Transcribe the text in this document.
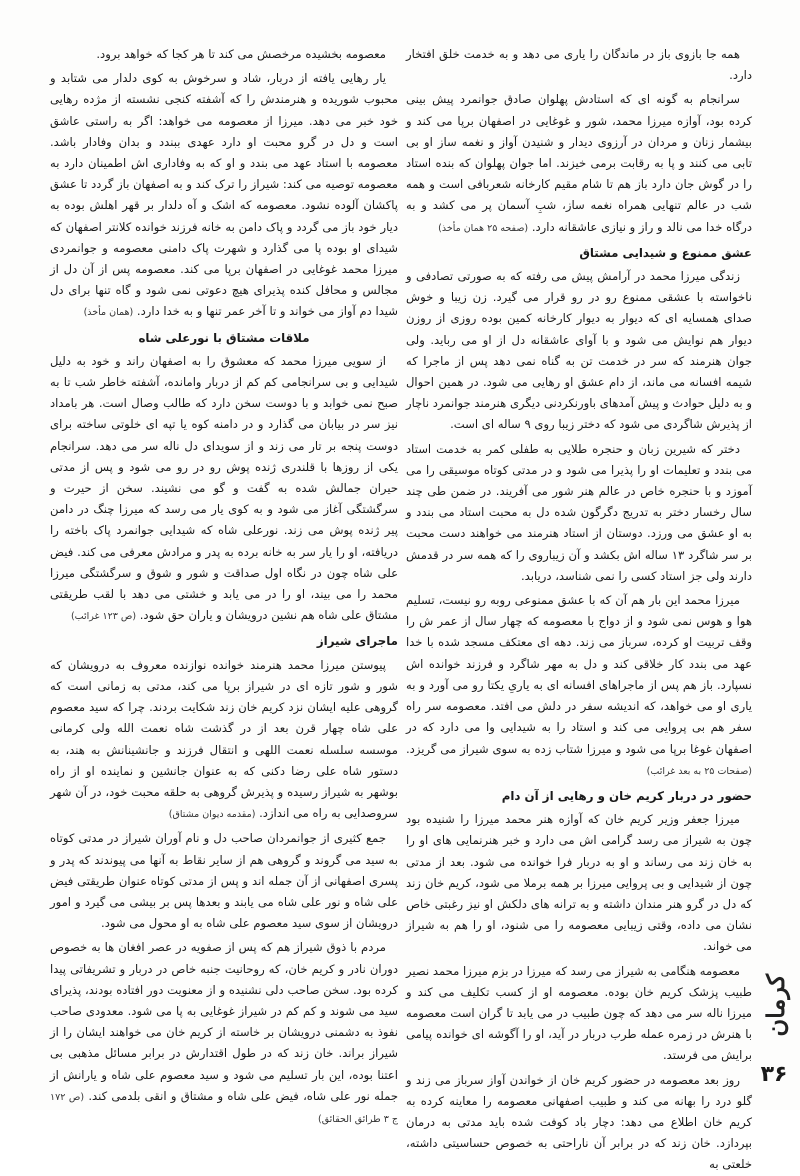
همه جا بازوی باز در ماندگان را یاری می دهد و به خدمت خلق افتخار دارد.

سرانجام به گونه ای که استادش پهلوان صادق جوانمرد پیش بینی کرده بود، آوازه میرزا محمد، شور و غوغایی در اصفهان برپا می کند و بیشمار زنان و مردان در آرزوی دیدار و شنیدن آواز و نغمه ساز او بی تابی می کنند و پا به رقابت برمی خیزند. اما جوان پهلوان که بنده استاد را در گوش جان دارد باز هم تا شام مقیم کارخانه شعربافی است و همه شب در عالم تنهایی همراه نغمه ساز، شبِ آسمان پر می کشد و به درگاه خدا می نالد و راز و نیازی عاشقانه دارد. (صفحه ۲۵ همان مأخذ)

عشق ممنوع و شیدایی مشتاق

زندگی میرزا محمد در آرامش پیش می رفته که به صورتی تصادفی و ناخواسته با عشقی ممنوع رو در رو قرار می گیرد. زن زیبا و خوش صدای همسایه ای که دیوار به دیوار کارخانه کمین بوده روزی از روزن دیوار هم نوایش می شود و با آوای عاشقانه دل از او می رباید. ولی جوان هنرمند که سر در خدمت تن به گناه نمی دهد پس از ماجرا که شیمه افسانه می ماند، از دام عشق او رهایی می شود. در همین احوال و به دلیل حوادث و پیش آمدهای باورنکردنی دیگری هنرمند جوانمرد ناچار از پذیرش شاگردی می شود که دختر زیبا روی ۹ ساله ای است.

دختر که شیرین زبان و حنجره طلایی به طفلی کمر به خدمت استاد می بندد و تعلیمات او را پذیرا می شود و در مدتی کوتاه موسیقی را می آموزد و با حنجره خاص در عالم هنر شور می آفریند. در ضمن طی چند سال رخسار دختر به تدریج دگرگون شده دل به محبت استاد می بندد و به او عشق می ورزد. دوستان از استاد هنرمند می خواهند دست محبت بر سر شاگرد ۱۳ ساله اش بکشد و آن زیباروی را که همه سر در قدمش دارند ولی جز استاد کسی را نمی شناسد، دریابد.

میرزا محمد این بار هم آن که با عشق ممنوعی روبه رو نیست، تسلیم هوا و هوس نمی شود و از دواج با معصومه که چهار سال از عمر ش را وقف تربیت او کرده، سرباز می زند. دهه ای معتکف مسجد شده با خدا عهد می بندد کار خلاقی کند و دل به مهر شاگرد و فرزند خوانده اش نسپارد. باز هم پس از ماجراهای افسانه ای به یاریِ یکتا رو می آورد و به یاری او می خواهد، که اندیشه سفر در دلش می افتد. معصومه سر راه سفر هم بی پروایی می کند و استاد را به شیدایی وا می دارد که در اصفهان غوغا برپا می شود و میرزا شتاب زده به سوی شیراز می گریزد. (صفحات ۲۵ به بعد غرائب)

حضور در دربار کریم خان و رهایی از آن دام

میرزا جعفر وزیر کریم خان که آوازه هنر محمد میرزا را شنیده بود چون به شیراز می رسد گرامی اش می دارد و خبر هنرنمایی های او را به خان زند می رساند و او به دربار فرا خوانده می شود. بعد از مدتی چون از شیدایی و بی پروایی میرزا بر همه برملا می شود، کریم خان زند که دل در گرو هنر مندان داشته و به ترانه های دلکش او نیز رغبتی خاص نشان می داده، وقتی زیبایی معصومه را می شنود، او را هم به شیراز می خواند.

معصومه هنگامی به شیراز می رسد که میرزا در بزم میرزا محمد نصیر طبیب پزشک کریم خان بوده. معصومه او از کسب تکلیف می کند و میرزا ناله سر می دهد که چون طبیب در می یابد تا گران است معصومه با هنرش در زمره عمله طرب دربار در آید، او را آگوشه ای خوانده پیامی برایش می فرستد.

روز بعد معصومه در حضور کریم خان از خواندن آواز سرباز می زند و گلو درد را بهانه می کند و طبیب اصفهانی معصومه را معاینه کرده به کریم خان اطلاع می دهد: دچار باد کوفت شده باید مدتی به درمان بپردازد. خان زند که در برابر آن ناراحتی به خصوص حساسیتی داشته، خلعتی به

معصومه بخشیده مرخصش می کند تا هر کجا که خواهد برود.

یار رهایی یافته از دربار، شاد و سرخوش به کوی دلدار می شتابد و محبوب شوریده و هنرمندش را که آشفته کنجی نشسته از مژده رهایی خود خبر می دهد. میرزا از معصومه می خواهد: اگر به راستی عاشق است و دل در گرو محبت او دارد عهدی ببندد و بدان وفادار باشد. معصومه با استاد عهد می بندد و او که به وفاداری اش اطمینان دارد به معصومه توصیه می کند: شیراز را ترک کند و به اصفهان باز گردد تا عشق پاکشان آلوده نشود. معصومه که اشک و آه دلدار بر قهر اهلش بوده به دیار خود باز می گردد و پاک دامن به خانه فرزند خوانده کلانتر اصفهان که شیدای او بوده پا می گذارد و شهرت پاک دامنی معصومه و جوانمردی میرزا محمد غوغایی در اصفهان برپا می کند. معصومه پس از آن دل از مجالس و محافل کنده پذیرای هیچ دعوتی نمی شود و گاه تنها برای دل شیدا دم آواز می خواند و تا آخر عمر تنها و به خدا دارد. (همان مأخذ)

ملاقات مشتاق با نورعلی شاه

از سویی میرزا محمد که معشوق را به اصفهان راند و خود به دلیل شیدایی و بی سرانجامی کم کم از دربار وامانده، آشفته خاطر شب تا به صبح نمی خوابد و با دوست سخن دارد که طالب وصال است. هر بامداد نیز سر در بیابان می گذارد و در دامنه کوه یا تپه ای خلوتی ساخته برای دوست پنجه بر تار می زند و از سویدای دل ناله سر می دهد. سرانجام یکی از روزها با قلندری ژنده پوش رو در رو می شود و پس از مدتی حیران جمالش شده به گفت و گو می نشیند. سخن از حیرت و سرگشتگی آغاز می شود و به کوی یار می رسد که میرزا چنگ در دامن پیر ژنده پوش می زند. نورعلی شاه که شیدایی جوانمرد پاک باخته را دریافته، او را یار سر به خانه برده به پدر و مرادش معرفی می کند. فیض علی شاه چون در نگاه اول صداقت و شور و شوق و سرگشتگی میرزا محمد را می بیند، او را در می یابد و خشتی می دهد با لقب طریقتی مشتاق علی شاه هم نشین درویشان و یاران حق شود. (ص ۱۲۳ غرائب)

ماجرای شیراز

پیوستن میرزا محمد هنرمند خوانده نوازنده معروف به درویشان که شور و شور تازه ای در شیراز برپا می کند، مدتی به زمانی است که گروهی علیه ایشان نزد کریم خان زند شکایت بردند. چرا که سید معصوم علی شاه چهار قرن بعد از در گذشت شاه نعمت الله ولی کرمانی موسسه سلسله نعمت اللهی و انتقال فرزند و جانشینانش به هند، به دستور شاه علی رضا دکنی که به عنوان جانشین و نماینده او از راه بوشهر به شیراز رسیده و پذیرش گروهی به حلقه محبت خود، در آن شهر سروصدایی به راه می اندازد. (مقدمه دیوان مشتاق)

جمع کثیری از جوانمردان صاحب دل و نام آوران شیراز در مدتی کوتاه به سید می گروند و گروهی هم از سایر نقاط به آنها می پیوندند که پدر و پسری اصفهانی از آن جمله اند و پس از مدتی کوتاه عنوان طریقتی فیض علی شاه و نور علی شاه می یابند و بعدها پس بر بیشی می گیرد و امور درویشان از سوی سید معصوم علی شاه به او محول می شود.

مردم با ذوق شیراز هم که پس از صفویه در عصر افغان ها به خصوص دوران نادر و کریم خان، که روحانیت جنبه خاص در دربار و تشریفاتی پیدا کرده بود. سخن صاحب دلی نشنیده و از معنویت دور افتاده بودند، پذیرای سید می شوند و کم کم در شیراز غوغایی به پا می شود. معدودی صاحب نفوذ به دشمنی درویشان بر خاسته از کریم خان می خواهند ایشان را از شیراز براند. خان زند که در طول اقتدارش در برابر مسائل مذهبی بی اعتنا بوده، این بار تسلیم می شود و سید معصوم علی شاه و یارانش از جمله نور علی شاه، فیض علی شاه و مشتاق و انقی بلدمی کند. (ص ۱۷۲ ج ۳ طرائق الحقائق)

کرمان
۳۶
